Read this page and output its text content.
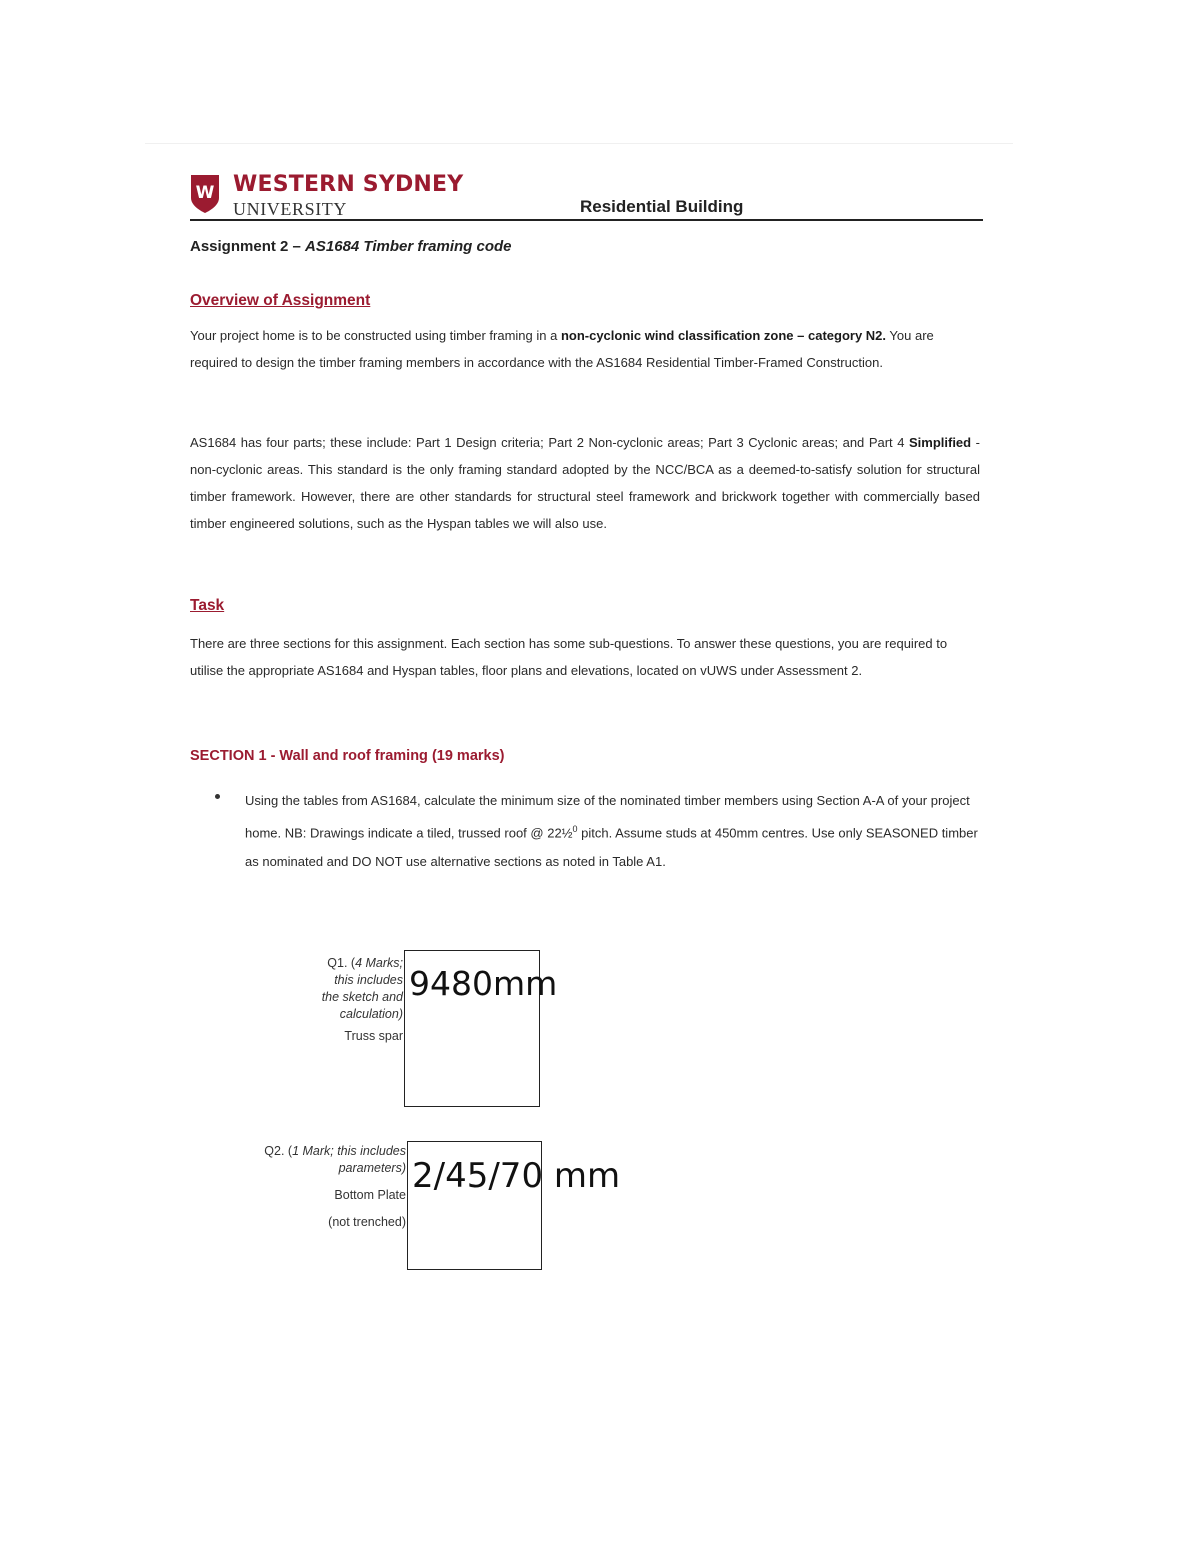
W WESTERN SYDNEY
UNIVERSITY	Residential Building
Assignment 2 – AS1684 Timber framing code
Overview of Assignment

Your project home is to be constructed using timber framing in a non-cyclonic wind classification zone – category N2. You are required to design the timber framing members in accordance with the AS1684 Residential Timber-Framed Construction.

AS1684 has four parts; these include: Part 1 Design criteria; Part 2 Non-cyclonic areas; Part 3 Cyclonic areas; and Part 4 Simplified - non-cyclonic areas. This standard is the only framing standard adopted by the NCC/BCA as a deemed-to-satisfy solution for structural timber framework. However, there are other standards for structural steel framework and brickwork together with commercially based timber engineered solutions, such as the Hyspan tables we will also use.

Task

There are three sections for this assignment. Each section has some sub-questions. To answer these questions, you are required to utilise the appropriate AS1684 and Hyspan tables, floor plans and elevations, located on vUWS under Assessment 2.

SECTION 1 - Wall and roof framing (19 marks)

Using the tables from AS1684, calculate the minimum size of the nominated timber members using Section A-A of your project home. NB: Drawings indicate a tiled, trussed roof @ 22½$^0$ pitch. Assume studs at 450mm centres. Use only SEASONED timber as nominated and DO NOT use alternative sections as noted in Table A1.

Q1. (4 Marks;
this includes
the sketch and
calculation)
Truss spar
9480mm
Q2. (1 Mark; this includes
parameters)
Bottom Plate
(not trenched)
2/45/70 mm
